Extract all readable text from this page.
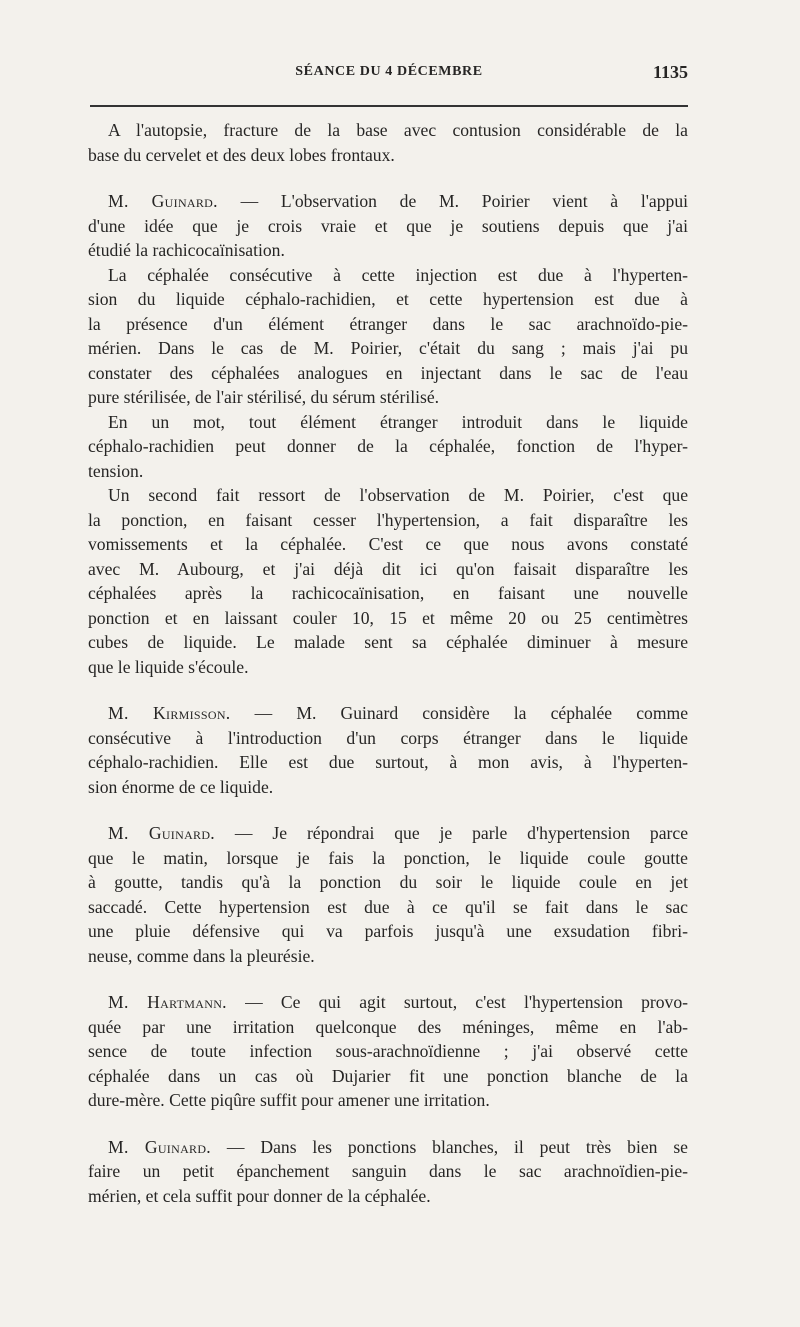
SÉANCE DU 4 DÉCEMBRE	1135
A l'autopsie, fracture de la base avec contusion considérable de la
base du cervelet et des deux lobes frontaux.
M. Guinard. — L'observation de M. Poirier vient à l'appui
d'une idée que je crois vraie et que je soutiens depuis que j'ai
étudié la rachicocaïnisation.
La céphalée consécutive à cette injection est due à l'hyperten-
sion du liquide céphalo-rachidien, et cette hypertension est due à
la présence d'un élément étranger dans le sac arachnoïdo-pie-
mérien. Dans le cas de M. Poirier, c'était du sang ; mais j'ai pu
constater des céphalées analogues en injectant dans le sac de l'eau
pure stérilisée, de l'air stérilisé, du sérum stérilisé.
En un mot, tout élément étranger introduit dans le liquide
céphalo-rachidien peut donner de la céphalée, fonction de l'hyper-
tension.
Un second fait ressort de l'observation de M. Poirier, c'est que
la ponction, en faisant cesser l'hypertension, a fait disparaître les
vomissements et la céphalée. C'est ce que nous avons constaté
avec M. Aubourg, et j'ai déjà dit ici qu'on faisait disparaître les
céphalées après la rachicocaïnisation, en faisant une nouvelle
ponction et en laissant couler 10, 15 et même 20 ou 25 centimètres
cubes de liquide. Le malade sent sa céphalée diminuer à mesure
que le liquide s'écoule.
M. Kirmisson. — M. Guinard considère la céphalée comme
consécutive à l'introduction d'un corps étranger dans le liquide
céphalo-rachidien. Elle est due surtout, à mon avis, à l'hyperten-
sion énorme de ce liquide.
M. Guinard. — Je répondrai que je parle d'hypertension parce
que le matin, lorsque je fais la ponction, le liquide coule goutte
à goutte, tandis qu'à la ponction du soir le liquide coule en jet
saccadé. Cette hypertension est due à ce qu'il se fait dans le sac
une pluie défensive qui va parfois jusqu'à une exsudation fibri-
neuse, comme dans la pleurésie.
M. Hartmann. — Ce qui agit surtout, c'est l'hypertension provo-
quée par une irritation quelconque des méninges, même en l'ab-
sence de toute infection sous-arachnoïdienne ; j'ai observé cette
céphalée dans un cas où Dujarier fit une ponction blanche de la
dure-mère. Cette piqûre suffit pour amener une irritation.
M. Guinard. — Dans les ponctions blanches, il peut très bien se
faire un petit épanchement sanguin dans le sac arachnoïdien-pie-
mérien, et cela suffit pour donner de la céphalée.
